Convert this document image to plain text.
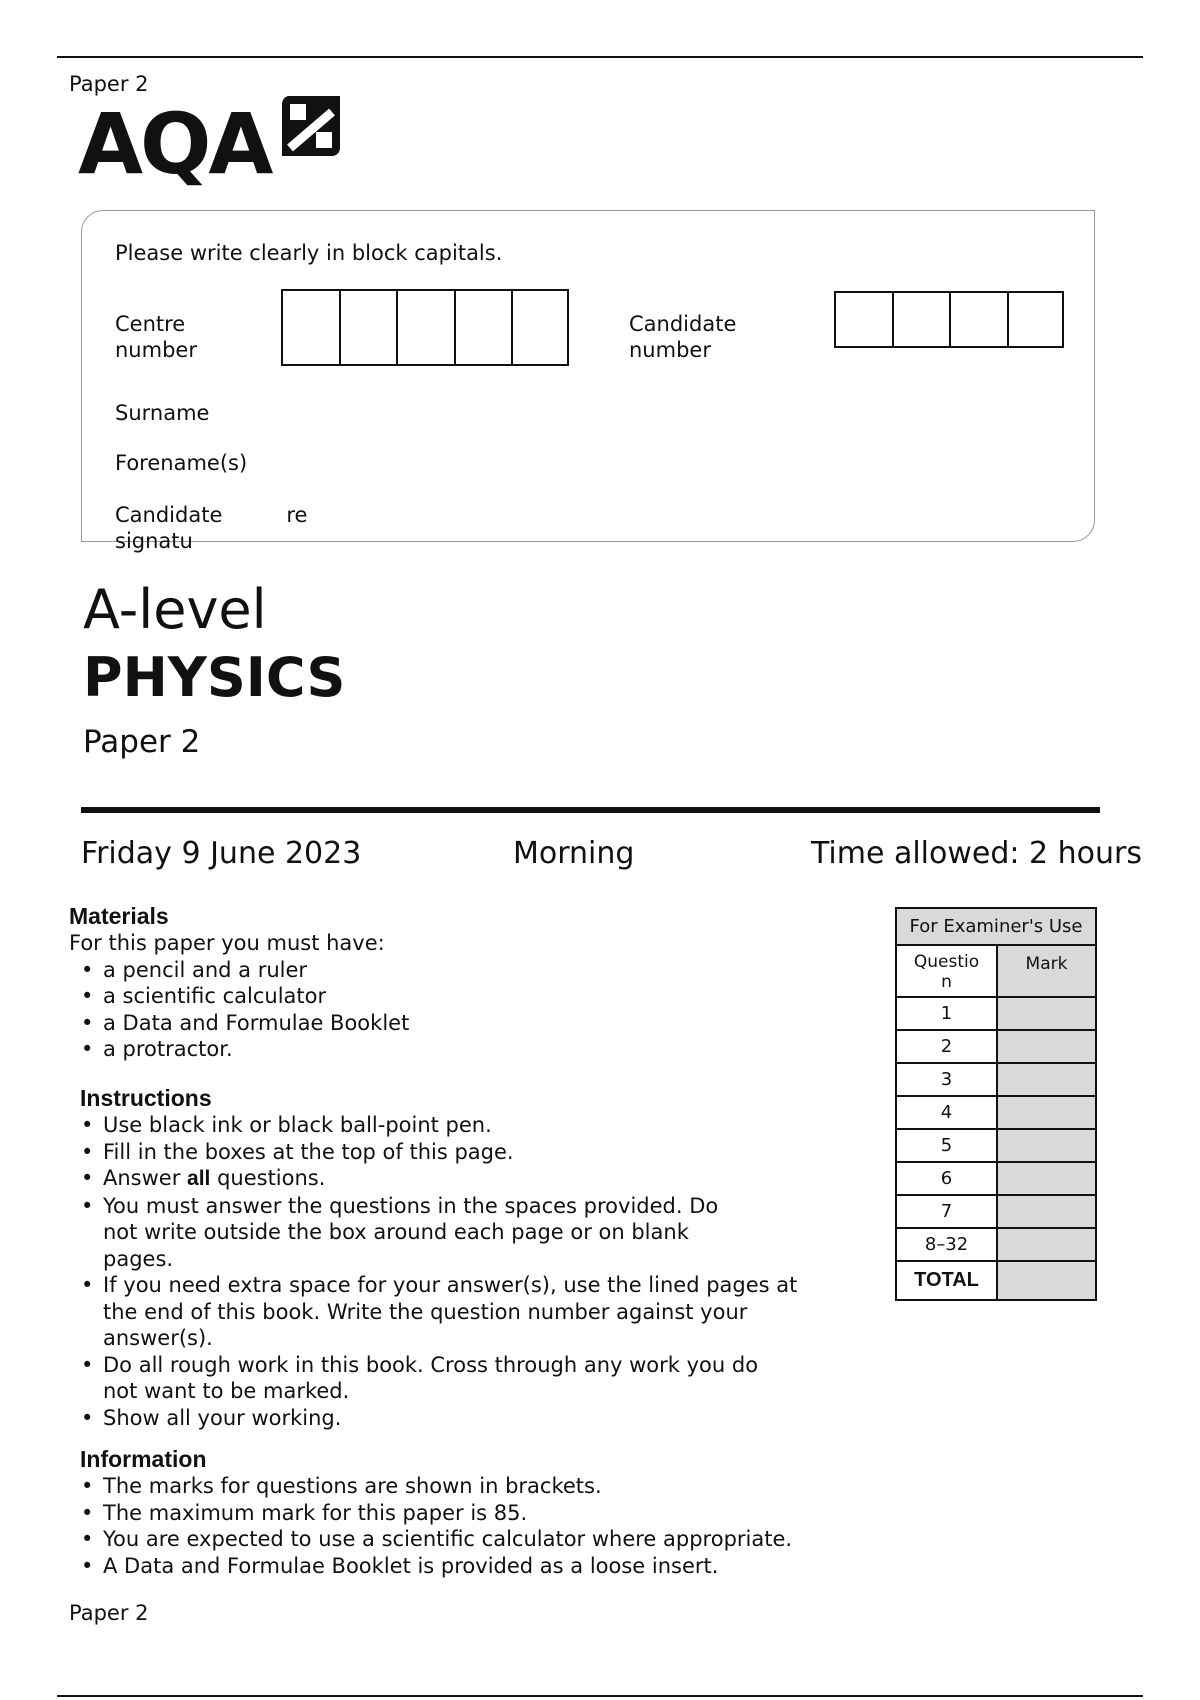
Paper 2
AQA
Please write clearly in block capitals.
Centre
number
Candidate
number
Surname
Forename(s)
Candidate	re
signatu
A-level
PHYSICS
Paper 2
Friday 9 June 2023	Morning	Time allowed: 2 hours
Materials
For this paper you must have:
• a pencil and a ruler
• a scientific calculator
• a Data and Formulae Booklet
• a protractor.
Instructions
• Use black ink or black ball-point pen.
• Fill in the boxes at the top of this page.
• Answer all questions.
• You must answer the questions in the spaces provided. Do
not write outside the box around each page or on blank
pages.
• If you need extra space for your answer(s), use the lined pages at
the end of this book. Write the question number against your
answer(s).
• Do all rough work in this book. Cross through any work you do
not want to be marked.
• Show all your working.
Information
• The marks for questions are shown in brackets.
• The maximum mark for this paper is 85.
• You are expected to use a scientific calculator where appropriate.
• A Data and Formulae Booklet is provided as a loose insert.
For Examiner's Use	

Questio
n	Mark
1	
2	
3	
4	
5	
6	
7	
8–32	
TOTAL	
Paper 2
